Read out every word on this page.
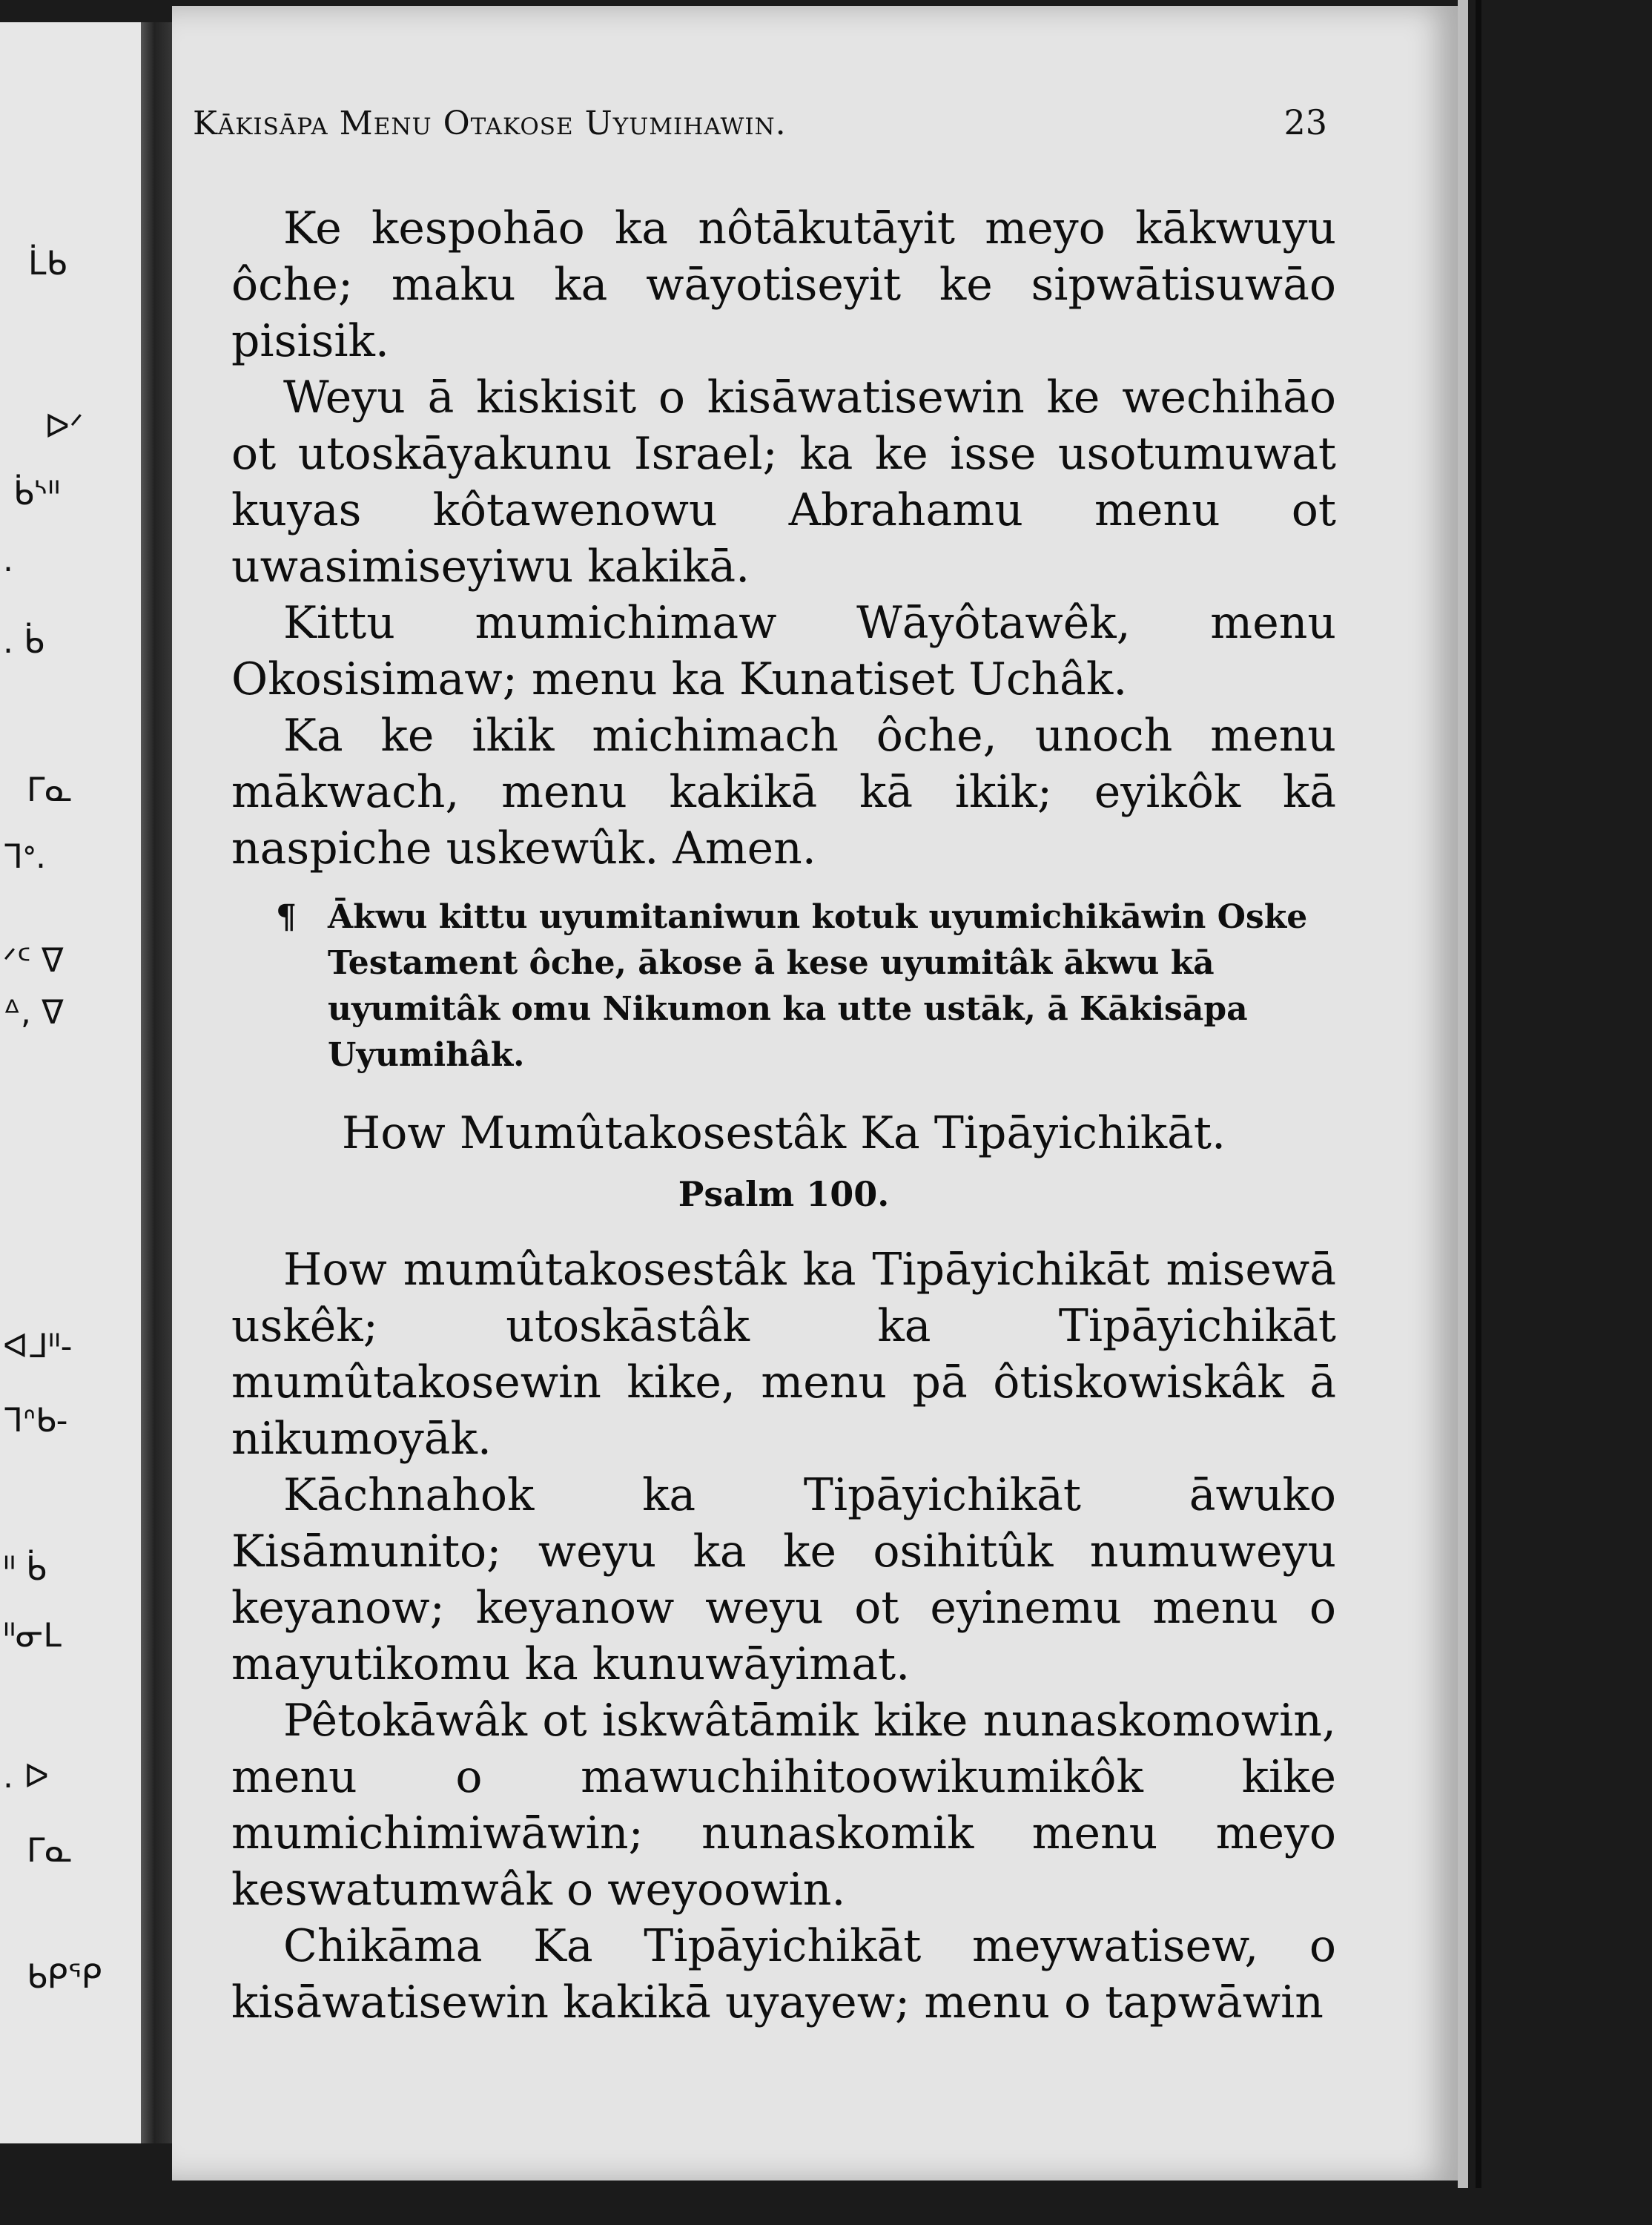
ᒫᑲ
ᐅᐟ
ᑳᔅᐦ
.
. ᑳ
ᒥᓇ
ᒣᐤ.
ᐟᑦ ᐁ
ᐞ, ᐁ
ᐊᒧᐦ-
ᒣᐢᑲ-
ᐦ ᑳ
ᐦᓂᒪ
. ᐅ
ᒥᓇ
ᑲᑭᕿ
Kākisāpa Menu Otakose Uyumihawin.	23

Ke kespohāo ka nôtākutāyit meyo kākwuyu ôche; maku ka wāyotiseyit ke sipwātisuwāo pisisik.

Weyu ā kiskisit o kisāwatisewin ke wechihāo ot utoskāyakunu Israel; ka ke isse usotumuwat kuyas kôtawenowu Abrahamu menu ot uwasimiseyiwu kakikā.

Kittu mumichimaw Wāyôtawêk, menu Okosisimaw; menu ka Kunatiset Uchâk.

Ka ke ikik michimach ôche, unoch menu mākwach, menu kakikā kā ikik; eyikôk kā naspiche uskewûk. Amen.

¶ Ākwu kittu uyumitaniwun kotuk uyumichikāwin Oske Testament ôche, ākose ā kese uyumitâk ākwu kā uyumitâk omu Nikumon ka utte ustāk, ā Kākisāpa Uyumihâk.

How Mumûtakosestâk Ka Tipāyichikāt.

Psalm 100.

How mumûtakosestâk ka Tipāyichikāt misewā uskêk; utoskāstâk ka Tipāyichikāt mumûtakosewin kike, menu pā ôtiskowiskâk ā nikumoyāk.

Kāchnahok ka Tipāyichikāt āwuko Kisāmunito; weyu ka ke osihitûk numuweyu keyanow; keyanow weyu ot eyinemu menu o mayutikomu ka kunuwāyimat.

Pêtokāwâk ot iskwâtāmik kike nunaskomowin, menu o mawuchihitoowikumikôk kike mumichimiwāwin; nunaskomik menu meyo keswatumwâk o weyoowin.

Chikāma Ka Tipāyichikāt meywatisew, o kisāwatisewin kakikā uyayew; menu o tapwāwin
